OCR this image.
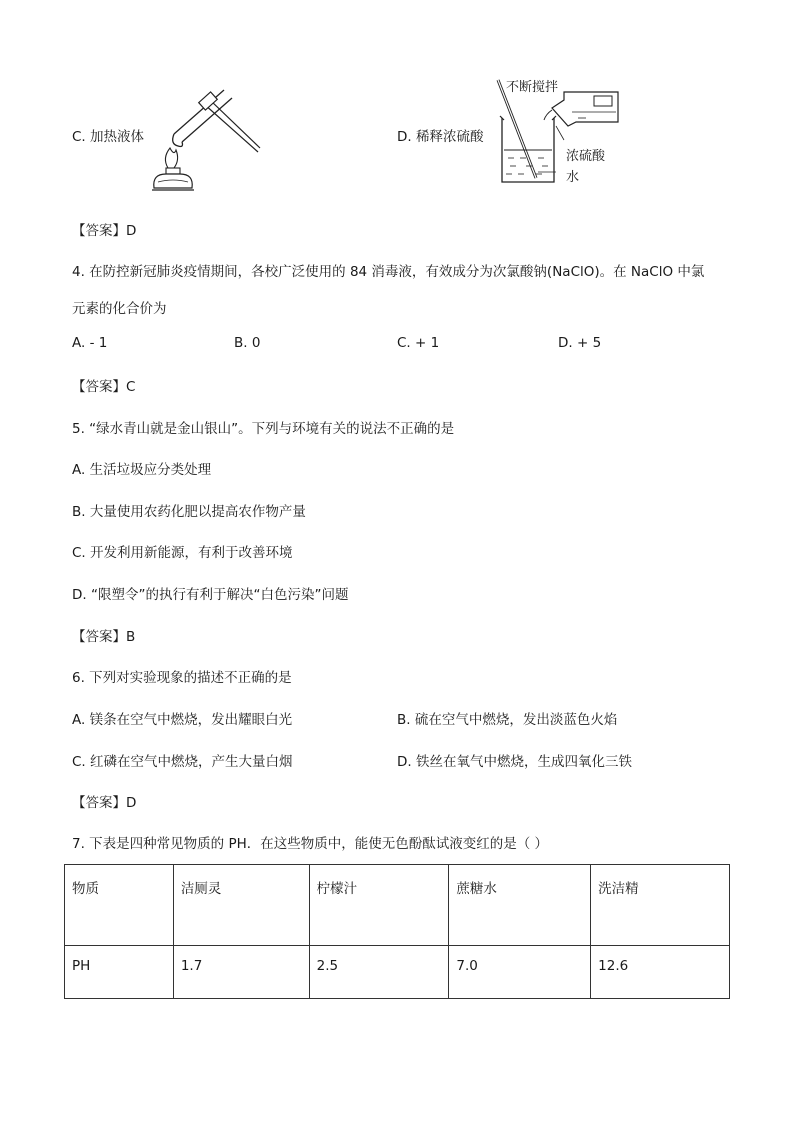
C. 加热液体	D. 稀释浓硫酸
不断搅拌
浓硫酸
水
【答案】D
4. 在防控新冠肺炎疫情期间，各校广泛使用的 84 消毒液，有效成分为次氯酸钠(NaClO)。在 NaClO 中氯
元素的化合价为
A. - 1	B. 0	C. + 1	D. + 5
【答案】C
5. “绿水青山就是金山银山”。下列与环境有关的说法不正确的是
A. 生活垃圾应分类处理
B. 大量使用农药化肥以提高农作物产量
C. 开发利用新能源，有利于改善环境
D. “限塑令”的执行有利于解决“白色污染”问题
【答案】B
6. 下列对实验现象的描述不正确的是
A. 镁条在空气中燃烧，发出耀眼白光	B. 硫在空气中燃烧，发出淡蓝色火焰
C. 红磷在空气中燃烧，产生大量白烟	D. 铁丝在氧气中燃烧，生成四氧化三铁
【答案】D
7. 下表是四种常见物质的 PH．在这些物质中，能使无色酚酞试液变红的是（ ）
物质	洁厕灵	柠檬汁	蔗糖水	洗洁精
PH	1.7	2.5	7.0	12.6
